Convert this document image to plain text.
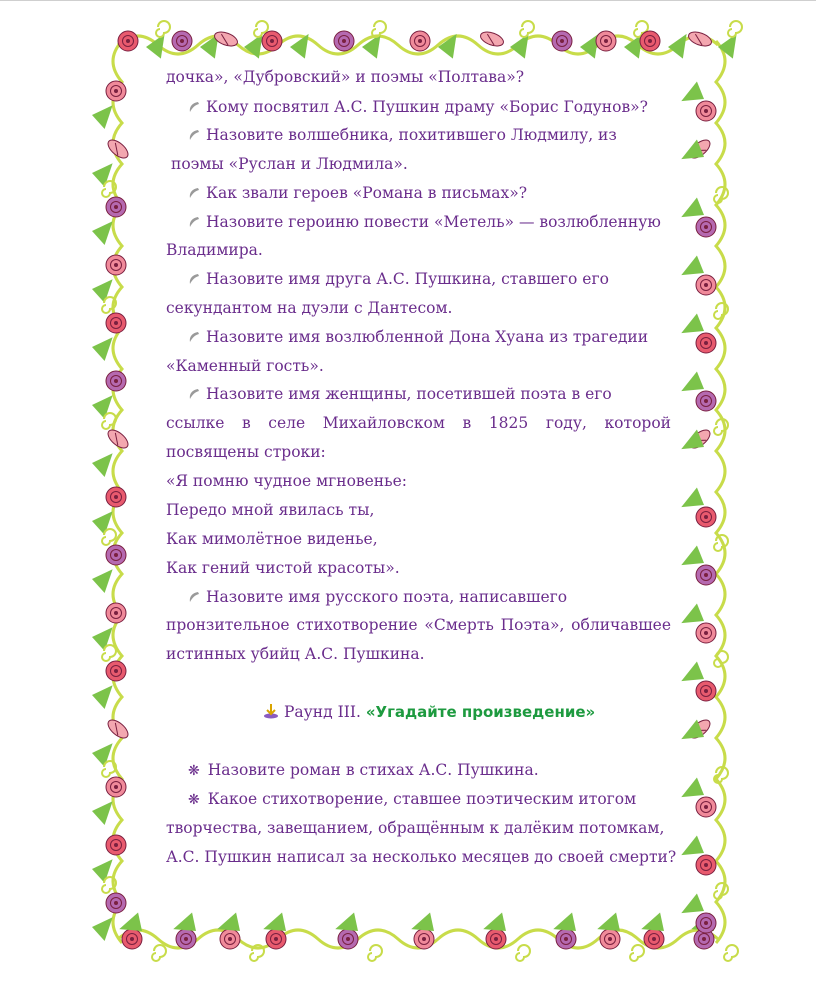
дочка», «Дубровский» и поэмы «Полтава»?
Кому посвятил А.С. Пушкин драму «Борис Годунов»?
Назовите волшебника, похитившего Людмилу, из
поэмы «Руслан и Людмила».
Как звали героев «Романа в письмах»?
Назовите героиню повести «Метель» — возлюбленную
Владимира.
Назовите имя друга А.С. Пушкина, ставшего его
секундантом на дуэли с Дантесом.
Назовите имя возлюбленной Дона Хуана из трагедии
«Каменный гость».
Назовите имя женщины, посетившей поэта в его
ссылке в селе Михайловском в 1825 году, которой
посвящены строки:
«Я помню чудное мгновенье:
Передо мной явилась ты,
Как мимолётное виденье,
Как гений чистой красоты».
Назовите имя русского поэта, написавшего
пронзительное стихотворение «Смерть Поэта», обличавшее
истинных убийц А.С. Пушкина.
Раунд III. «Угадайте произведение»
❋ Назовите роман в стихах А.С. Пушкина.
❋ Какое стихотворение, ставшее поэтическим итогом
творчества, завещанием, обращённым к далёким потомкам,
А.С. Пушкин написал за несколько месяцев до своей смерти?
